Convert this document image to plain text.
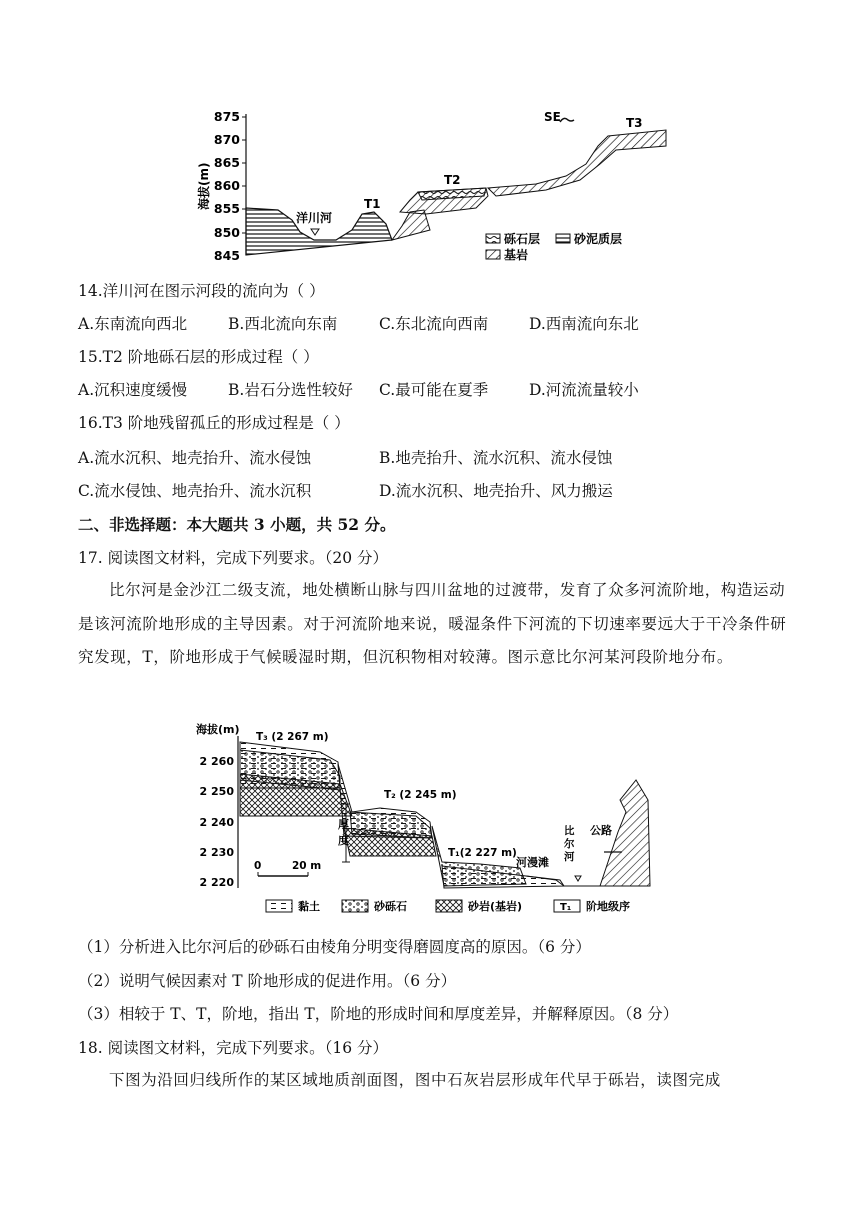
875
870
865
860
855
850
845
海拔(m)	T1
洋川河
T2
T3
SE
砾石层	砂泥质层
基岩
14.洋川河在图示河段的流向为（ ）
A.东南流向西北	B.西北流向东南	C.东北流向西南	D.西南流向东北
15.T2 阶地砾石层的形成过程（ ）
A.沉积速度缓慢	B.岩石分选性较好 C.最可能在夏季	D.河流流量较小
16.T3 阶地残留孤丘的形成过程是（ ）
A.流水沉积、地壳抬升、流水侵蚀	B.地壳抬升、流水沉积、流水侵蚀
C.流水侵蚀、地壳抬升、流水沉积	D.流水沉积、地壳抬升、风力搬运
二、非选择题：本大题共 3 小题，共 52 分。
17. 阅读图文材料，完成下列要求。（20 分）
比尔河是金沙江二级支流，地处横断山脉与四川盆地的过渡带，发育了众多河流阶地，构造运动是该河流阶地形成的主导因素。对于河流阶地来说，暖湿条件下河流的下切速率要远大于干冷条件研究发现，T，阶地形成于气候暖湿时期，但沉积物相对较薄。图示意比尔河某河段阶地分布。
海拔(m)
2 260
2 250
2 240
2 230
2 220
T₃ (2 267 m)
T₂ (2 245 m)
厚
度
T₁(2 227 m)
河漫滩
比
尔
河
公路
0	20 m
黏土	砂砾石	砂岩(基岩)	T₁ 阶地级序
（1）分析进入比尔河后的砂砾石由棱角分明变得磨圆度高的原因。（6 分）
（2）说明气候因素对 T 阶地形成的促进作用。（6 分）
（3）相较于 T、T，阶地，指出 T，阶地的形成时间和厚度差异，并解释原因。（8 分）
18. 阅读图文材料，完成下列要求。（16 分）
下图为沿回归线所作的某区域地质剖面图，图中石灰岩层形成年代早于砾岩，读图完成
